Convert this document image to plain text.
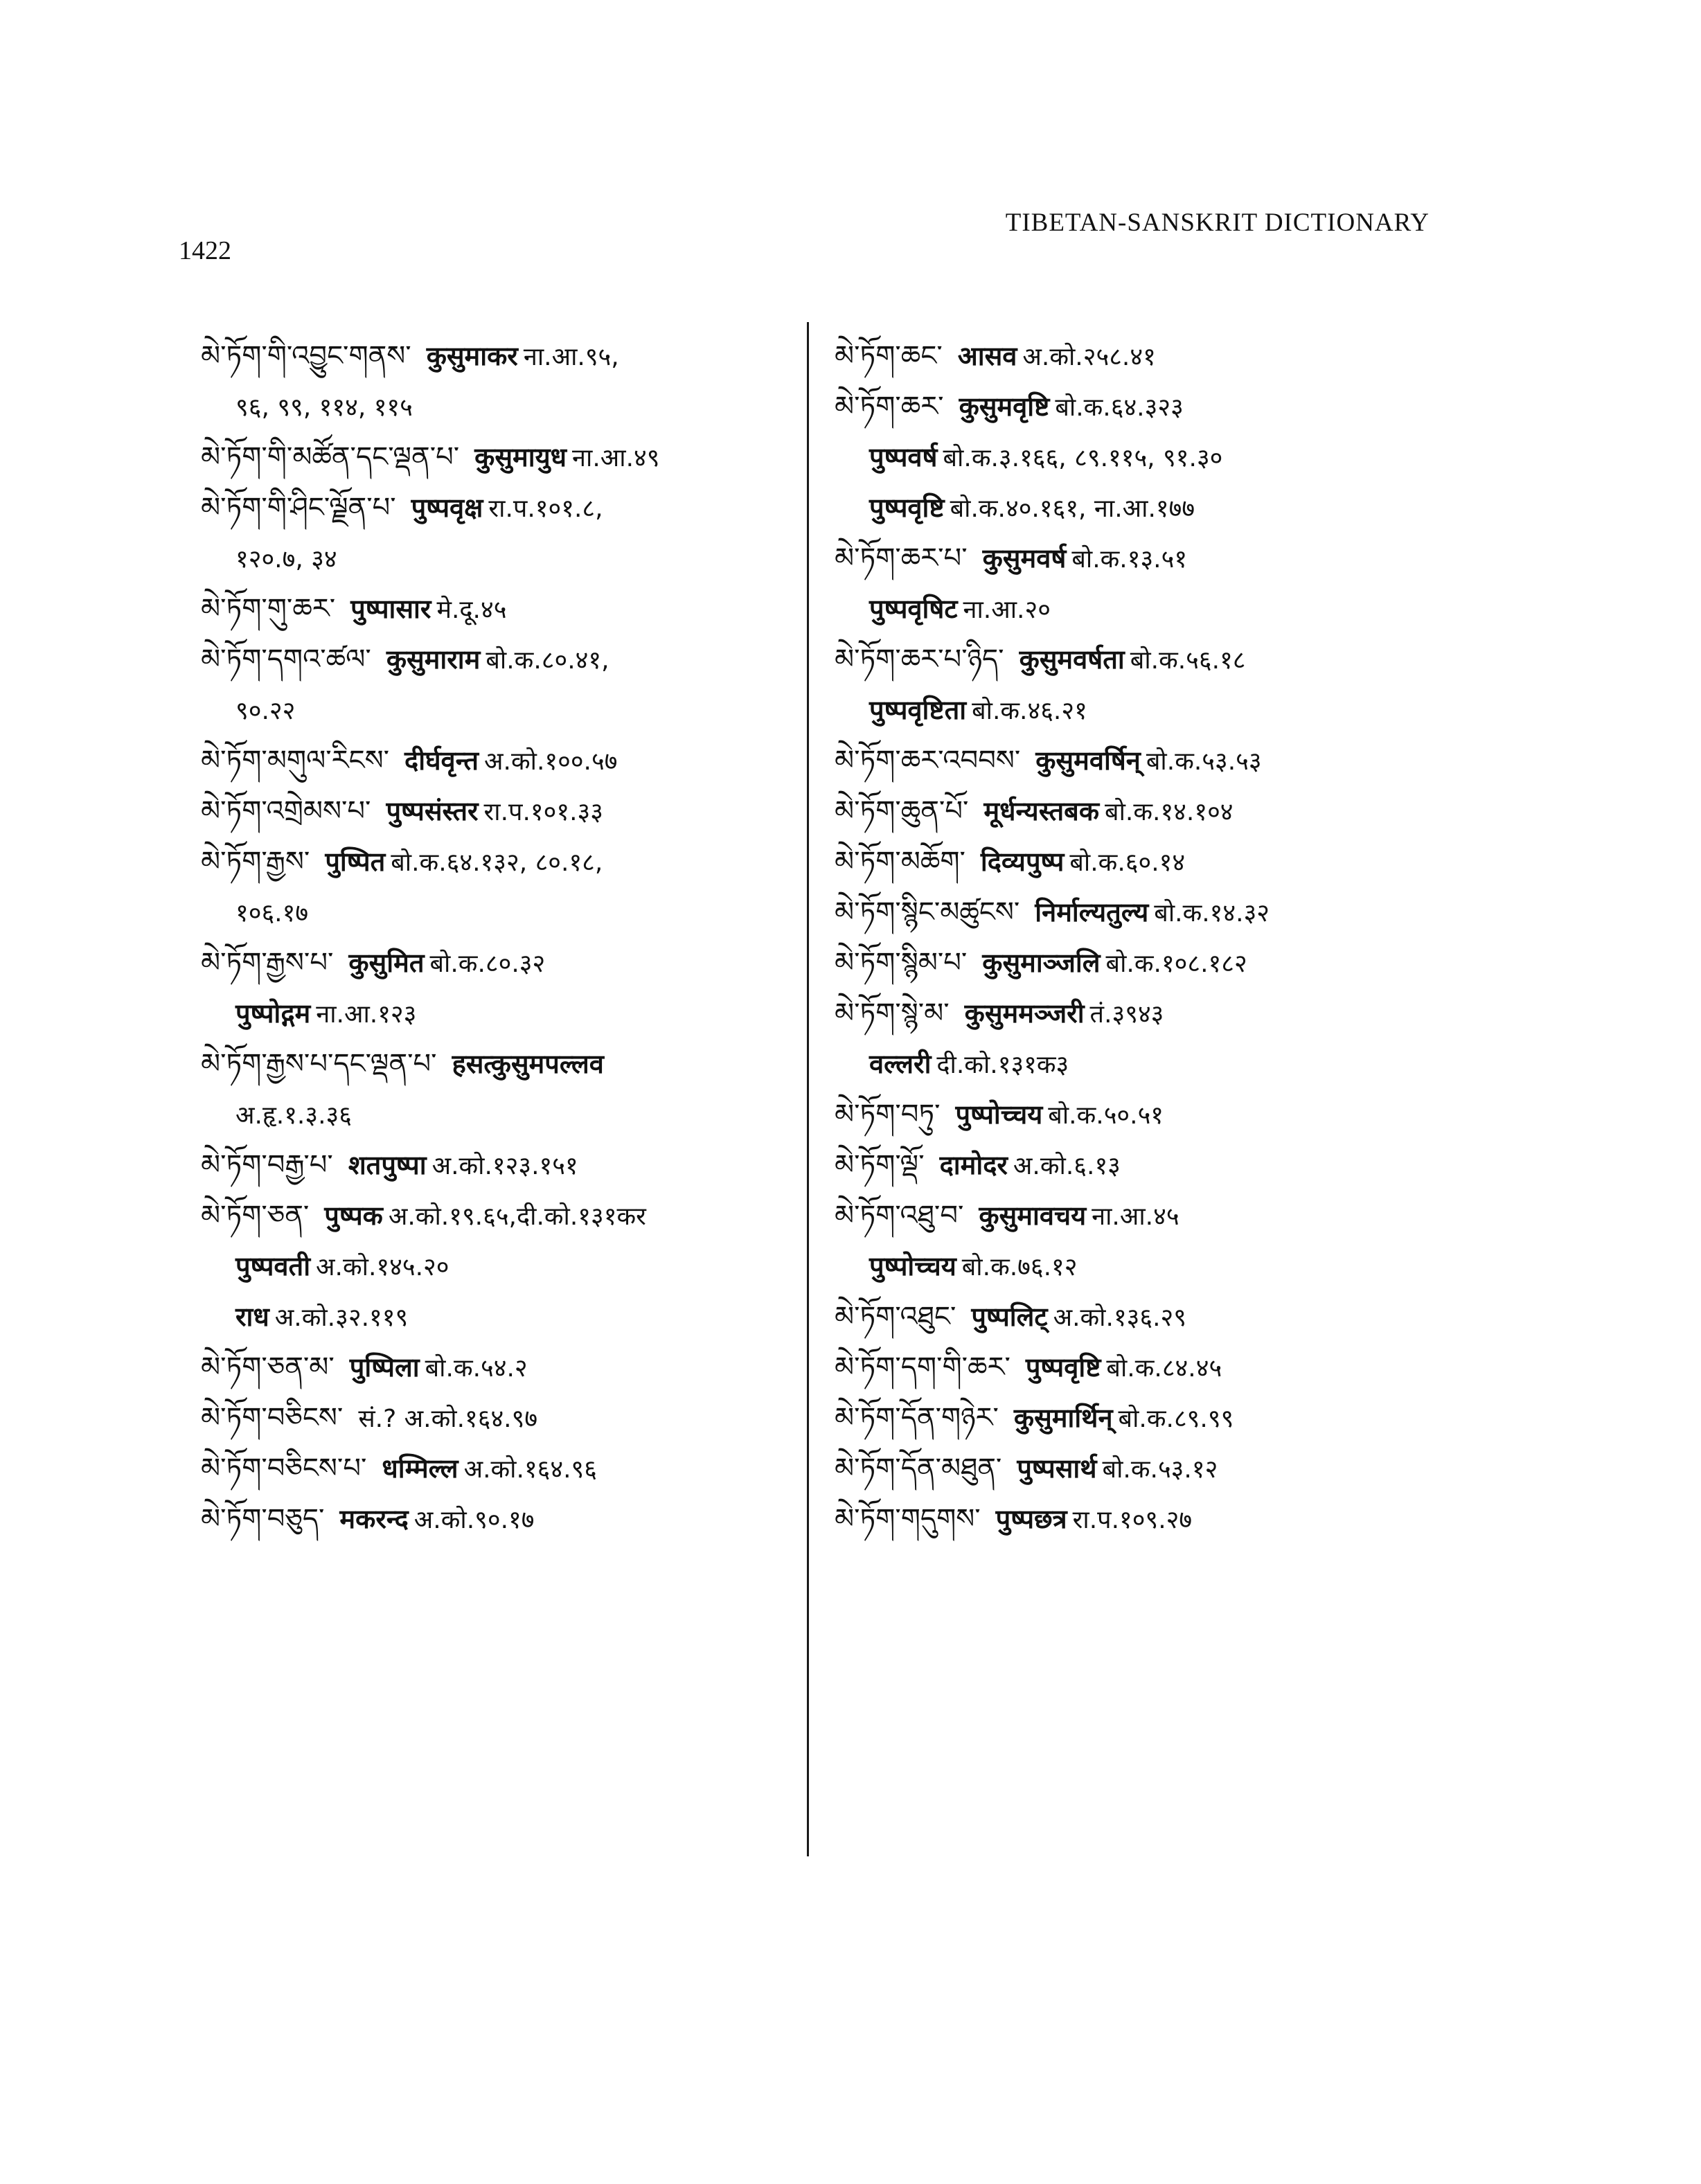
1422
TIBETAN-SANSKRIT DICTIONARY
མེ་ཏོག་གི་འབྱུང་གནས་ कुसुमाकर ना.आ.९५,
९६, ९९, ११४, ११५
མེ་ཏོག་གི་མཚོན་དང་ལྡན་པ་ कुसुमायुध ना.आ.४९
མེ་ཏོག་གི་ཤིང་ལྗོན་པ་ पुष्पवृक्ष रा.प.१०१.८,
१२०.७, ३४
མེ་ཏོག་གུ་ཆར་ पुष्पासार मे.दू.४५
མེ་ཏོག་དགའ་ཚལ་ कुसुमाराम बो.क.८०.४१,
९०.२२
མེ་ཏོག་མགུལ་རིངས་ दीर्घवृन्त अ.को.१००.५७
མེ་ཏོག་འགྲེམས་པ་ पुष्पसंस्तर रा.प.१०१.३३
མེ་ཏོག་རྒྱས་ पुष्पित बो.क.६४.१३२, ८०.१८,
१०६.१७
མེ་ཏོག་རྒྱས་པ་ कुसुमित बो.क.८०.३२
पुष्पोद्गम ना.आ.१२३
མེ་ཏོག་རྒྱས་པ་དང་ལྡན་པ་ हसत्कुसुमपल्लव
अ.हृ.१.३.३६
མེ་ཏོག་བརྒྱ་པ་ शतपुष्पा अ.को.१२३.१५१
མེ་ཏོག་ཅན་ पुष्पक अ.को.१९.६५,दी.को.१३१कर
पुष्पवती अ.को.१४५.२०
राध अ.को.३२.११९
མེ་ཏོག་ཅན་མ་ पुष्पिला बो.क.५४.२
མེ་ཏོག་བཅིངས་ सं.? अ.को.१६४.९७
མེ་ཏོག་བཅིངས་པ་ धम्मिल्ल अ.को.१६४.९६
མེ་ཏོག་བཅུད་ मकरन्द अ.को.९०.१७
མེ་ཏོག་ཆང་ आसव अ.को.२५८.४१
མེ་ཏོག་ཆར་ कुसुमवृष्टि बो.क.६४.३२३
पुष्पवर्ष बो.क.३.१६६, ८९.११५, ९१.३०
पुष्पवृष्टि बो.क.४०.१६१, ना.आ.१७७
མེ་ཏོག་ཆར་པ་ कुसुमवर्ष बो.क.१३.५१
पुष्पवृषिट ना.आ.२०
མེ་ཏོག་ཆར་པ་ཉིད་ कुसुमवर्षता बो.क.५६.१८
पुष्पवृष्टिता बो.क.४६.२१
མེ་ཏོག་ཆར་འབབས་ कुसुमवर्षिन् बो.क.५३.५३
མེ་ཏོག་ཆུན་པོ་ मूर्धन्यस्तबक बो.क.१४.१०४
མེ་ཏོག་མཆོག་ दिव्यपुष्प बो.क.६०.१४
མེ་ཏོག་སྙིང་མཚུངས་ निर्माल्यतुल्य बो.क.१४.३२
མེ་ཏོག་སྙིམ་པ་ कुसुमाञ्जलि बो.क.१०८.१८२
མེ་ཏོག་སྙེ་མ་ कुसुममञ्जरी तं.३९४३
वल्लरी दी.को.१३१क३
མེ་ཏོག་བཏུ་ पुष्पोच्चय बो.क.५०.५१
མེ་ཏོག་ལྡོ་ दामोदर अ.को.६.१३
མེ་ཏོག་འཐུ་བ་ कुसुमावचय ना.आ.४५
पुष्पोच्चय बो.क.७६.१२
མེ་ཏོག་འཐུང་ पुष्पलिट् अ.को.१३६.२९
མེ་ཏོག་དག་གི་ཆར་ पुष्पवृष्टि बो.क.८४.४५
མེ་ཏོག་དོན་གཉེར་ कुसुमार्थिन् बो.क.८९.९९
མེ་ཏོག་དོན་མཐུན་ पुष्पसार्थ बो.क.५३.१२
མེ་ཏོག་གདུགས་ पुष्पछत्र रा.प.१०९.२७
